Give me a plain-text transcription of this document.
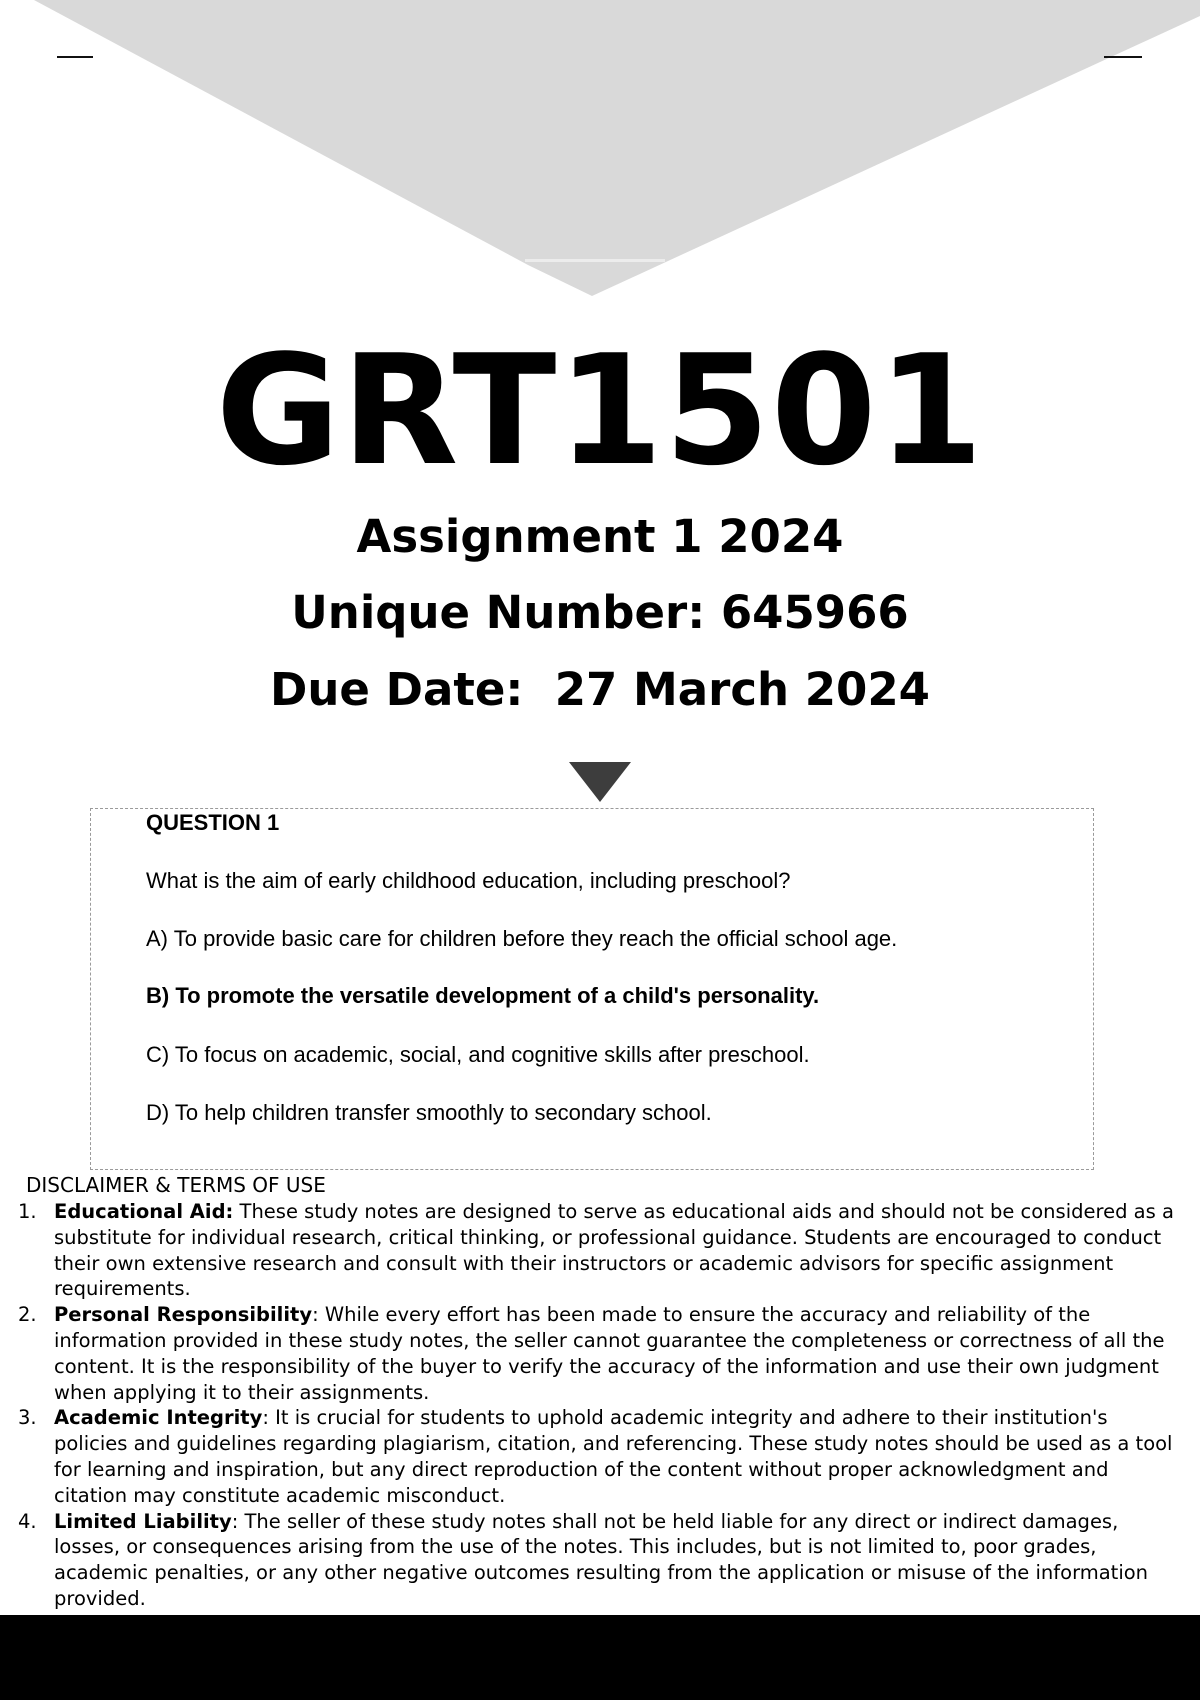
GRT1501

Assignment 1 2024

Unique Number: 645966

Due Date:  27 March 2024

QUESTION 1

What is the aim of early childhood education, including preschool?

A) To provide basic care for children before they reach the official school age.

B) To promote the versatile development of a child's personality.

C) To focus on academic, social, and cognitive skills after preschool.

D) To help children transfer smoothly to secondary school.

DISCLAIMER & TERMS OF USE
1. Educational Aid: These study notes are designed to serve as educational aids and should not be considered as a substitute for individual research, critical thinking, or professional guidance. Students are encouraged to conduct their own extensive research and consult with their instructors or academic advisors for specific assignment requirements.
2. Personal Responsibility: While every effort has been made to ensure the accuracy and reliability of the information provided in these study notes, the seller cannot guarantee the completeness or correctness of all the content. It is the responsibility of the buyer to verify the accuracy of the information and use their own judgment when applying it to their assignments.
3. Academic Integrity: It is crucial for students to uphold academic integrity and adhere to their institution's policies and guidelines regarding plagiarism, citation, and referencing. These study notes should be used as a tool for learning and inspiration, but any direct reproduction of the content without proper acknowledgment and citation may constitute academic misconduct.
4. Limited Liability: The seller of these study notes shall not be held liable for any direct or indirect damages, losses, or consequences arising from the use of the notes. This includes, but is not limited to, poor grades, academic penalties, or any other negative outcomes resulting from the application or misuse of the information provided.
